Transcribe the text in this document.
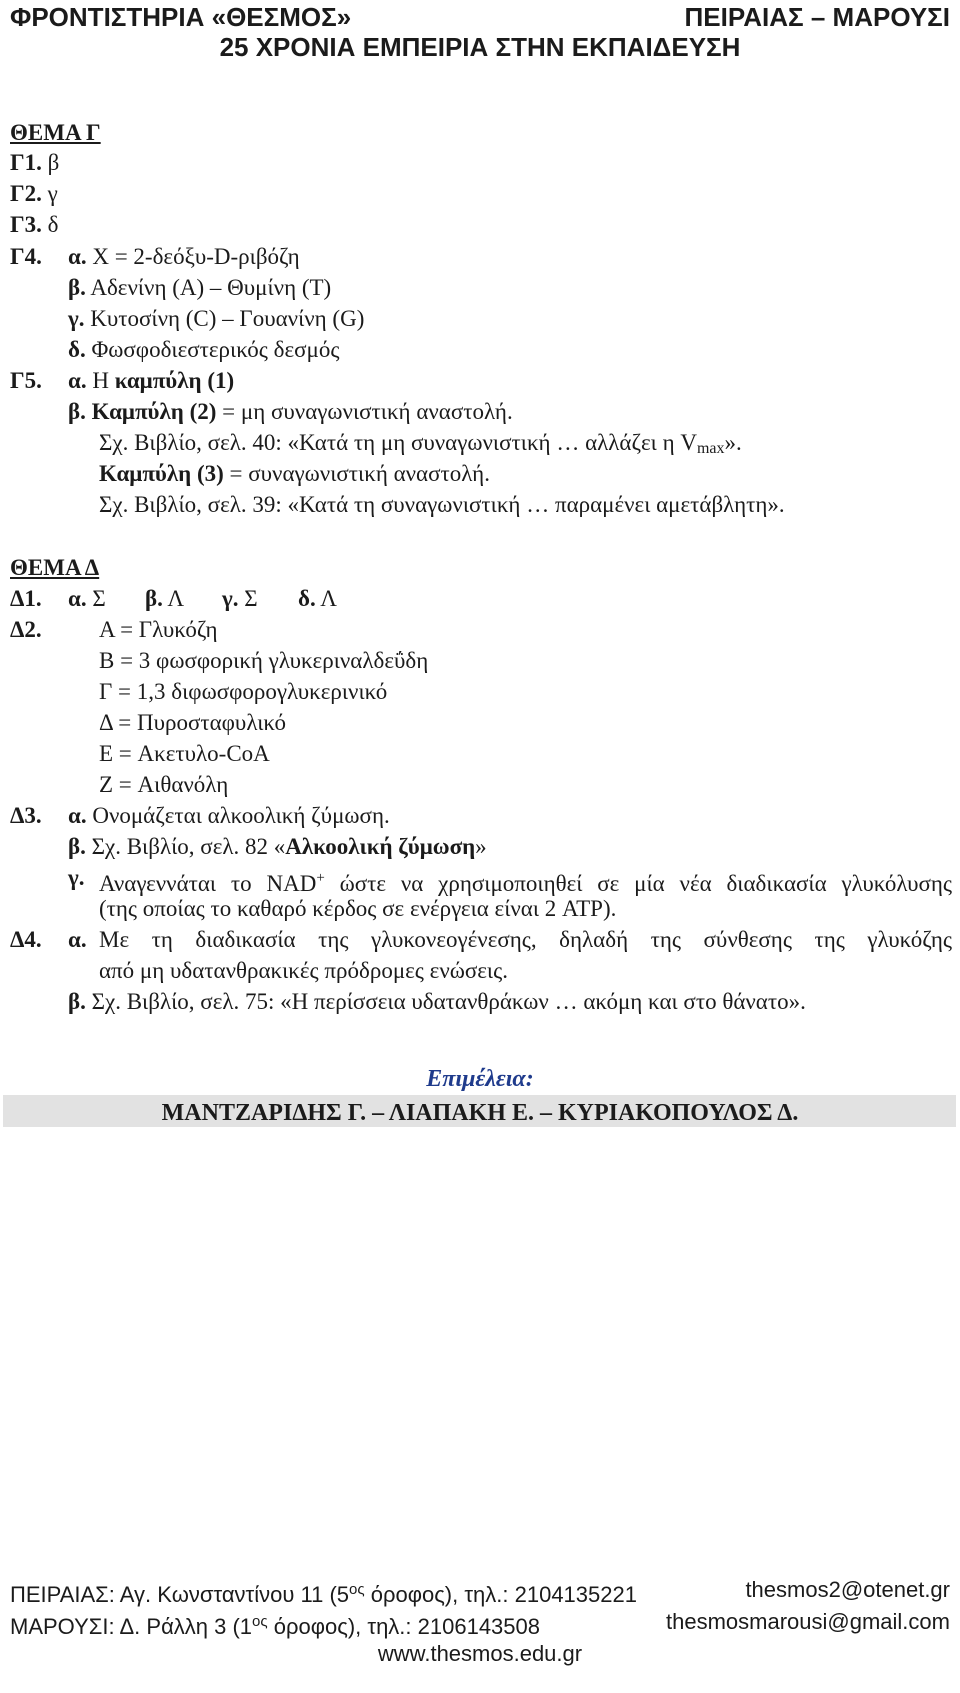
ΦΡΟΝΤΙΣΤΗΡΙΑ «ΘΕΣΜΟΣ»	ΠΕΙΡΑΙΑΣ – ΜΑΡΟΥΣΙ
25 ΧΡΟΝΙΑ ΕΜΠΕΙΡΙΑ ΣΤΗΝ ΕΚΠΑΙΔΕΥΣΗ
ΘΕΜΑ Γ
Γ1. β
Γ2. γ
Γ3. δ
Γ4. α. X = 2-δεόξυ-D-ριβόζη
β. Αδενίνη (A) – Θυμίνη (T)
γ. Κυτοσίνη (C) – Γουανίνη (G)
δ. Φωσφοδιεστερικός δεσμός
Γ5. α. Η καμπύλη (1)
β. Καμπύλη (2) = μη συναγωνιστική αναστολή.
Σχ. Βιβλίο, σελ. 40: «Κατά τη μη συναγωνιστική … αλλάζει η Vmax».
Καμπύλη (3) = συναγωνιστική αναστολή.
Σχ. Βιβλίο, σελ. 39: «Κατά τη συναγωνιστική … παραμένει αμετάβλητη».
ΘΕΜΑ Δ
Δ1. α. Σ β. Λ γ. Σ δ. Λ
Δ2. A = Γλυκόζη
B = 3 φωσφορική γλυκεριναλδεΰδη
Γ = 1,3 διφωσφορογλυκερινικό
Δ = Πυροσταφυλικό
E = Ακετυλο-CoA
Z = Αιθανόλη
Δ3. α. Ονομάζεται αλκοολική ζύμωση.
β. Σχ. Βιβλίο, σελ. 82 «Αλκοολική ζύμωση»
γ. Αναγεννάται το NAD+ ώστε να χρησιμοποιηθεί σε μία νέα διαδικασία γλυκόλυσης
(της οποίας το καθαρό κέρδος σε ενέργεια είναι 2 ATP).
Δ4. α. Με τη διαδικασία της γλυκονεογένεσης, δηλαδή της σύνθεσης της γλυκόζης
από μη υδατανθρακικές πρόδρομες ενώσεις.
β. Σχ. Βιβλίο, σελ. 75: «Η περίσσεια υδατανθράκων … ακόμη και στο θάνατο».
Επιμέλεια:
ΜΑΝΤΖΑΡΙΔΗΣ Γ. – ΛΙΑΠΑΚΗ Ε. – ΚΥΡΙΑΚΟΠΟΥΛΟΣ Δ.
ΠΕΙΡΑΙΑΣ: Αγ. Κωνσταντίνου 11 ($5^{o\varsigma}$ όροφος), τηλ.: 2104135221	thesmos2@otenet.gr
ΜΑΡΟΥΣΙ: Δ. Ράλλη 3 ($1^{o\varsigma}$ όροφος), τηλ.: 2106143508	thesmosmarousi@gmail.com
www.thesmos.edu.gr
